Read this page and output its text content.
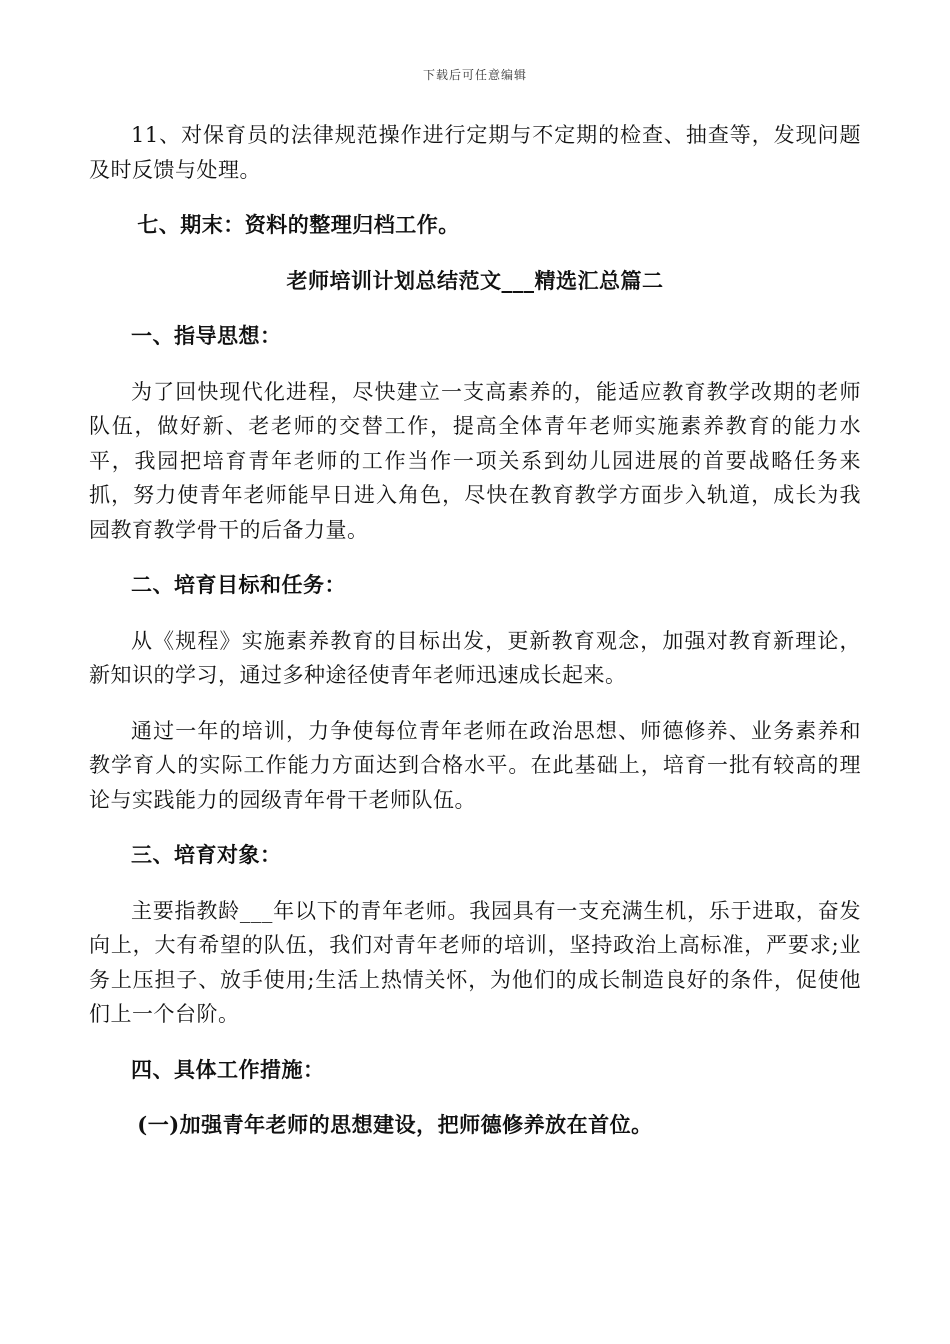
下载后可任意编辑

11、对保育员的法律规范操作进行定期与不定期的检查、抽查等，发现问题及时反馈与处理。

七、期末：资料的整理归档工作。

老师培训计划总结范文___精选汇总篇二

一、指导思想：

为了回快现代化进程，尽快建立一支高素养的，能适应教育教学改期的老师队伍，做好新、老老师的交替工作，提高全体青年老师实施素养教育的能力水平，我园把培育青年老师的工作当作一项关系到幼儿园进展的首要战略任务来抓，努力使青年老师能早日进入角色，尽快在教育教学方面步入轨道，成长为我园教育教学骨干的后备力量。

二、培育目标和任务：

从《规程》实施素养教育的目标出发，更新教育观念，加强对教育新理论，新知识的学习，通过多种途径使青年老师迅速成长起来。

通过一年的培训，力争使每位青年老师在政治思想、师德修养、业务素养和教学育人的实际工作能力方面达到合格水平。在此基础上，培育一批有较高的理论与实践能力的园级青年骨干老师队伍。

三、培育对象：

主要指教龄___年以下的青年老师。我园具有一支充满生机，乐于进取，奋发向上，大有希望的队伍，我们对青年老师的培训，坚持政治上高标准，严要求;业务上压担子、放手使用;生活上热情关怀，为他们的成长制造良好的条件，促使他们上一个台阶。

四、具体工作措施：

(一)加强青年老师的思想建设，把师德修养放在首位。
